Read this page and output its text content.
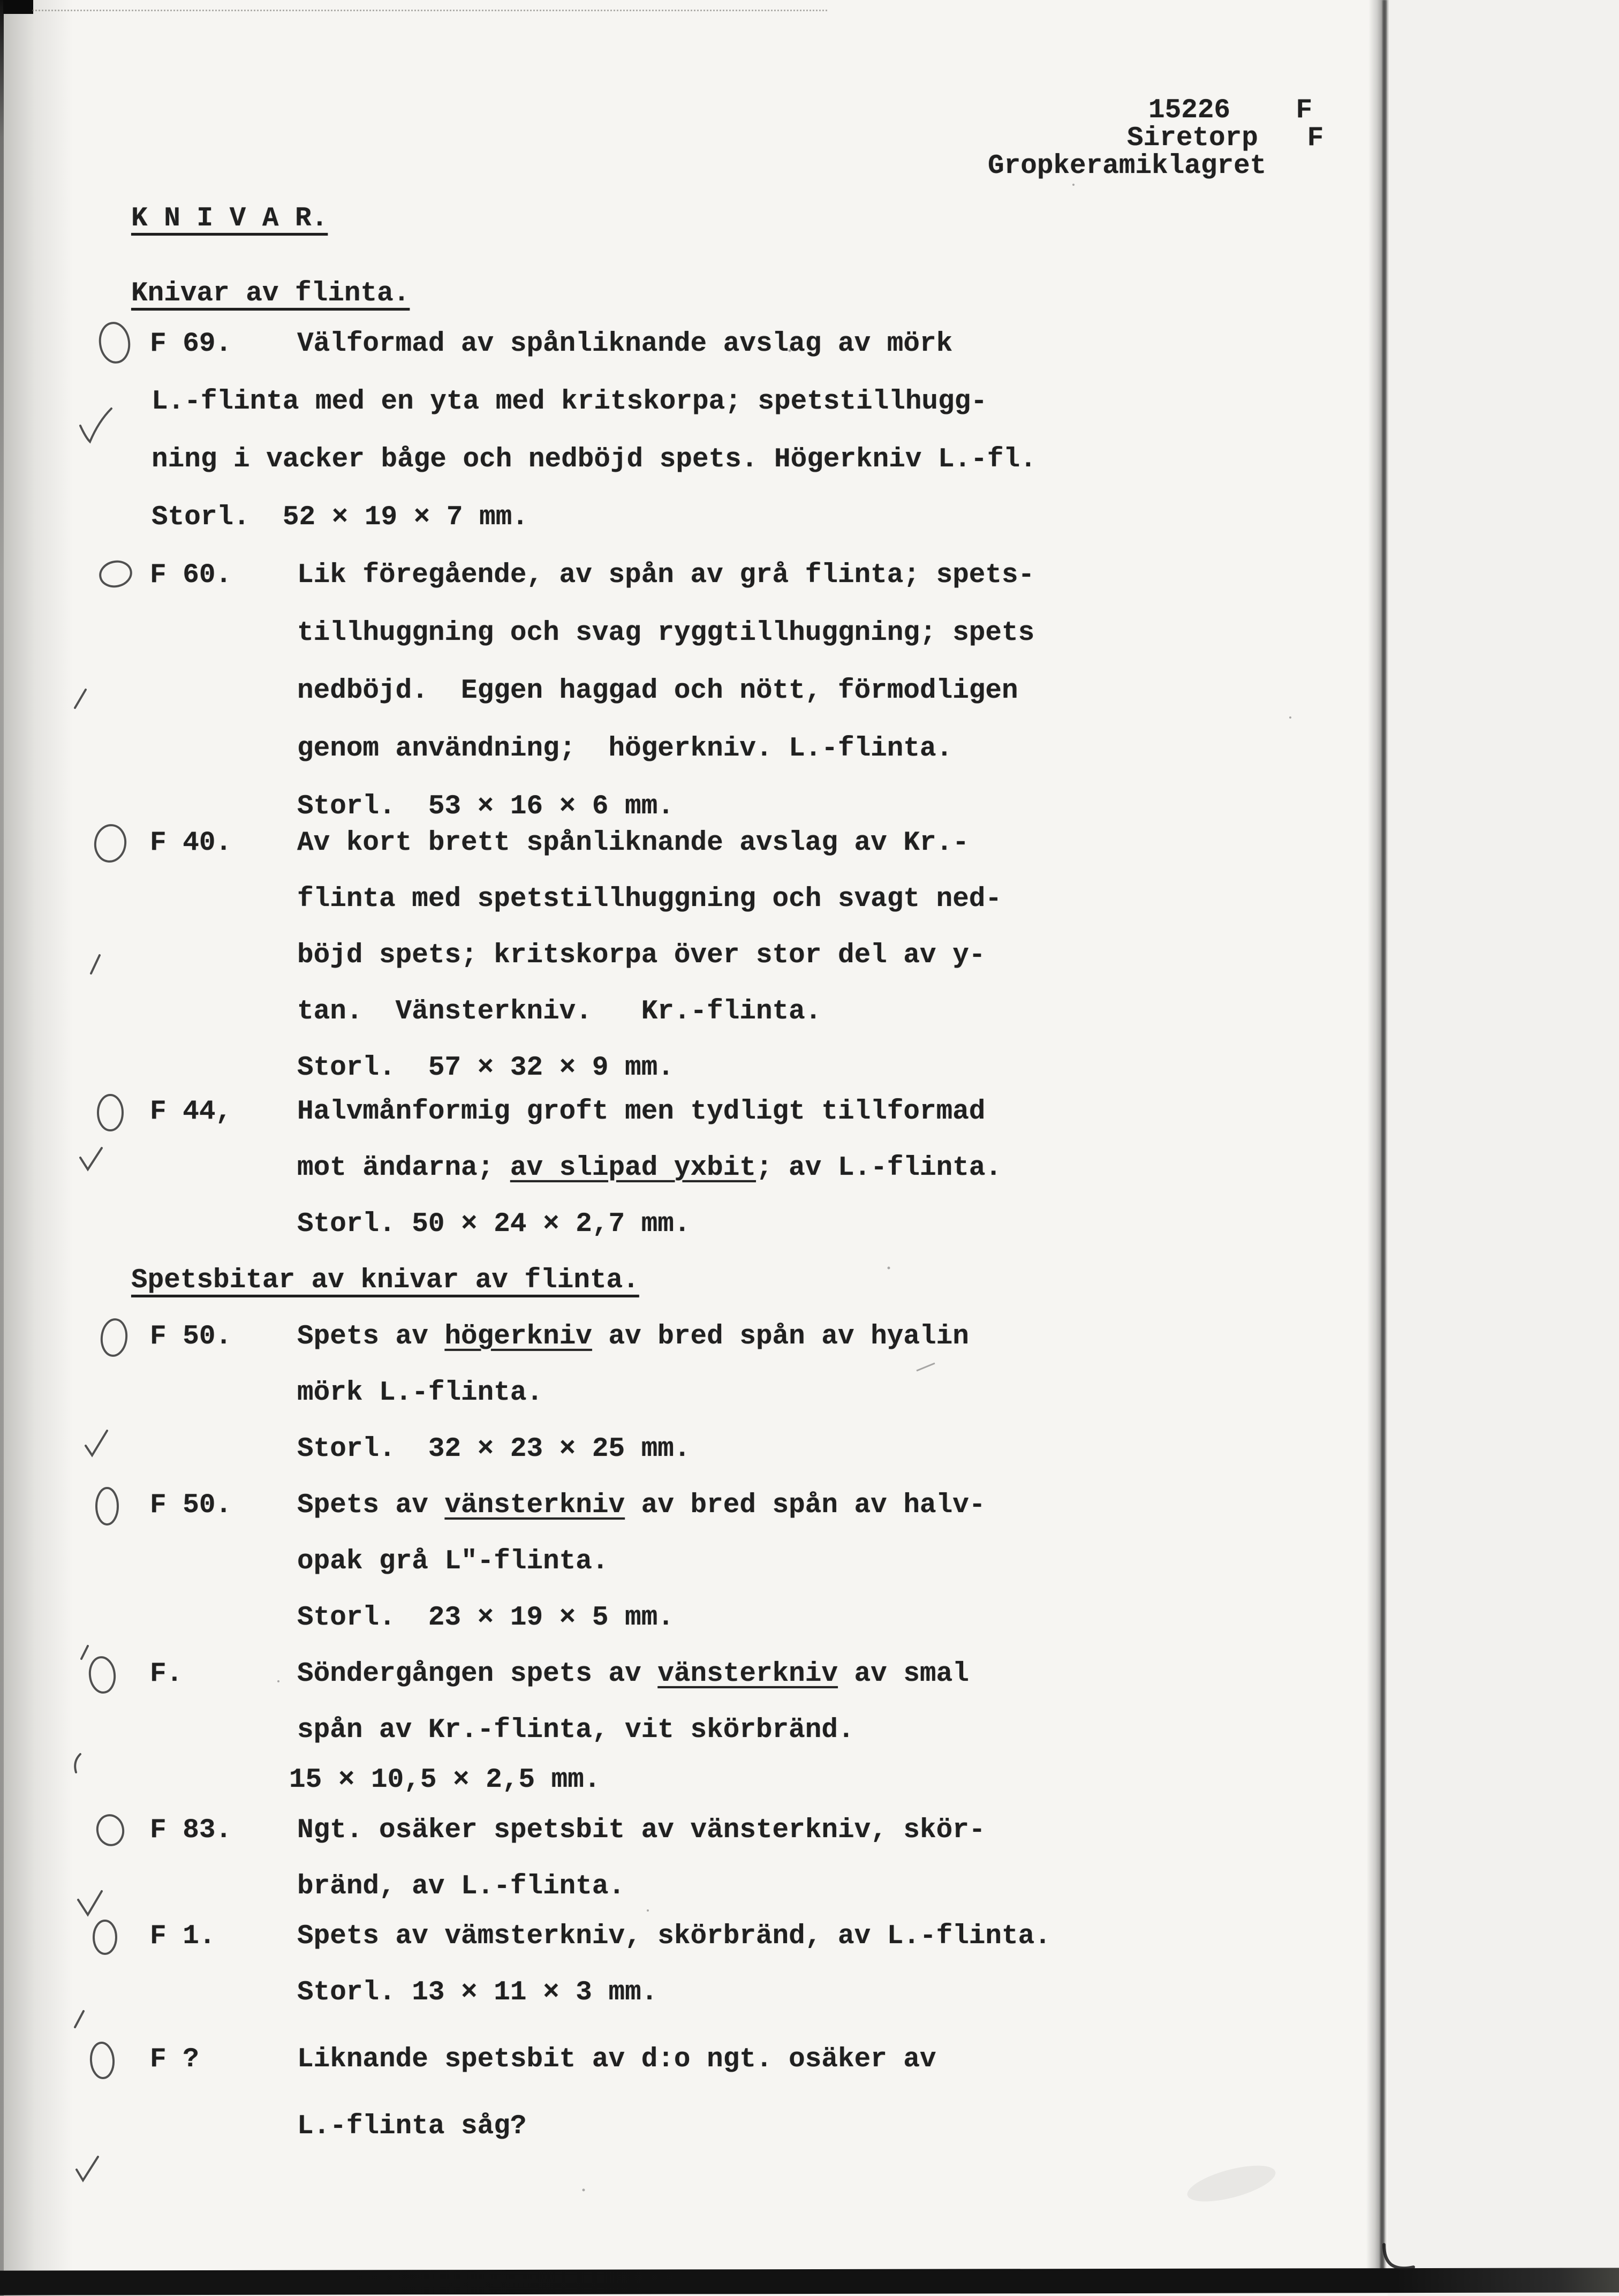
15226    F
Siretorp   F
Gropkeramiklagret
K N I V A R.
Knivar av flinta.
F 69. Välformad av spånliknande avslag av mörk
L.-flinta med en yta med kritskorpa; spetstillhugg-
ning i vacker båge och nedböjd spets. Högerkniv L.-fl.
Storl.  52 × 19 × 7 mm.
F 60. Lik föregående, av spån av grå flinta; spets-
tillhuggning och svag ryggtillhuggning; spets
nedböjd.  Eggen haggad och nött, förmodligen
genom användning;  högerkniv. L.-flinta.
Storl.  53 × 16 × 6 mm.
F 40. Av kort brett spånliknande avslag av Kr.-
flinta med spetstillhuggning och svagt ned-
böjd spets; kritskorpa över stor del av y-
tan.  Vänsterkniv.   Kr.-flinta.
Storl.  57 × 32 × 9 mm.
F 44, Halvmånformig groft men tydligt tillformad
mot ändarna; av slipad yxbit; av L.-flinta.
Storl. 50 × 24 × 2,7 mm.
Spetsbitar av knivar av flinta.
F 50. Spets av högerkniv av bred spån av hyalin
mörk L.-flinta.
Storl.  32 × 23 × 25 mm.
F 50. Spets av vänsterkniv av bred spån av halv-
opak grå L"-flinta.
Storl.  23 × 19 × 5 mm.
F.	Söndergången spets av vänsterkniv av smal
spån av Kr.-flinta, vit skörbränd.
15 × 10,5 × 2,5 mm.
F 83. Ngt. osäker spetsbit av vänsterkniv, skör-
bränd, av L.-flinta.
F 1.	Spets av vämsterkniv, skörbränd, av L.-flinta.
Storl. 13 × 11 × 3 mm.
F ?	Liknande spetsbit av d:o ngt. osäker av
L.-flinta såg?
